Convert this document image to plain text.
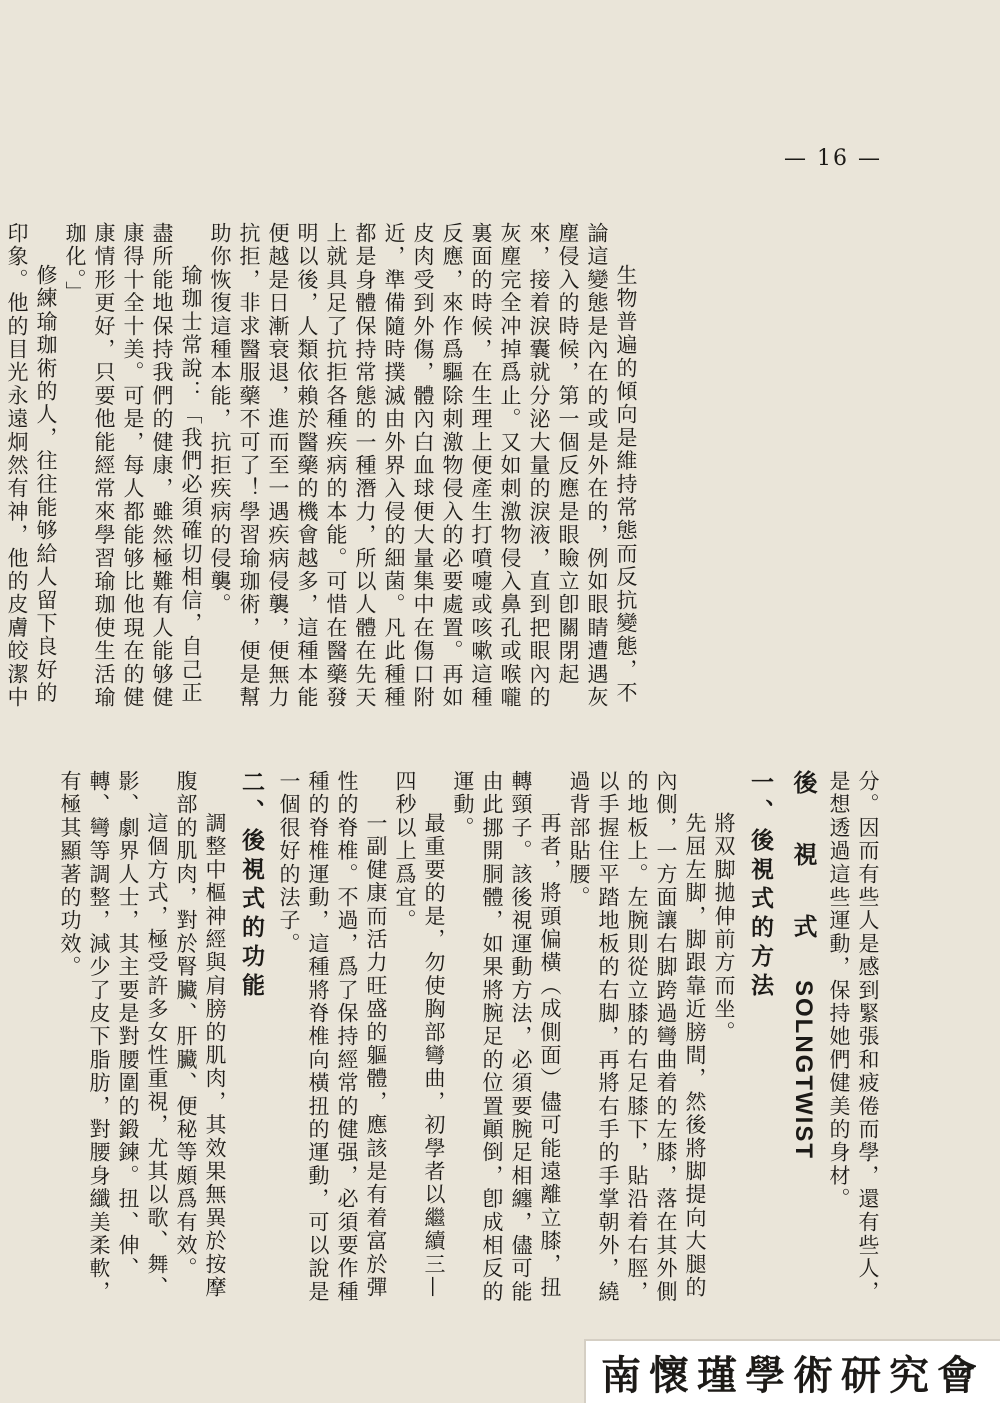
— 16 —

生物普遍的傾向是維持常態而反抗變態，不論這變態是內在的或是外在的，例如眼睛遭遇灰塵侵入的時候，第一個反應是眼瞼立卽關閉起來，接着淚囊就分泌大量的淚液，直到把眼內的灰塵完全冲掉爲止。又如刺激物侵入鼻孔或喉嚨裏面的時候，在生理上便產生打噴嚏或咳嗽這種反應，來作爲驅除刺激物侵入的必要處置。再如皮肉受到外傷，體內白血球便大量集中在傷口附近，準備隨時撲滅由外界入侵的細菌。凡此種種都是身體保持常態的一種潛力，所以人體在先天上就具足了抗拒各種疾病的本能。可惜在醫藥發明以後，人類依賴於醫藥的機會越多，這種本能便越是日漸衰退，進而至一遇疾病侵襲，便無力抗拒，非求醫服藥不可了！學習瑜珈術，便是幫助你恢復這種本能，抗拒疾病的侵襲。

瑜珈士常說：「我們必須確切相信，自己正盡所能地保持我們的健康，雖然極難有人能够健康得十全十美。可是，每人都能够比他現在的健康情形更好，只要他能經常來學習瑜珈使生活瑜珈化。」

修練瑜珈術的人，往往能够給人留下良好的印象。他的目光永遠炯然有神，他的皮膚皎潔中

分。因而有些人是感到緊張和疲倦而學，還有些人，是想透過這些運動，保持她們健美的身材。

後　視　式 SOLNGTWIST
一、後視式的方法

將双脚拋伸前方而坐。

先屈左脚，脚跟靠近膀間，然後將脚提向大腿的內側，一方面讓右脚跨過彎曲着的左膝，落在其外側的地板上。左腕則從立膝的右足膝下，貼沿着右脛，以手握住平踏地板的右脚，再將右手的手掌朝外，繞過背部貼腰。

再者，將頭偏橫（成側面）儘可能遠離立膝，扭轉頸子。該後視運動方法，必須要腕足相纏，儘可能由此挪開胴體，如果將腕足的位置顚倒，卽成相反的運動。

最重要的是，勿使胸部彎曲，初學者以繼續三—四秒以上爲宜。

一副健康而活力旺盛的軀體，應該是有着富於彈性的脊椎。不過，爲了保持經常的健强，必須要作種種的脊椎運動，這種將脊椎向橫扭的運動，可以說是一個很好的法子。

二、後視式的功能

調整中樞神經與肩膀的肌肉，其效果無異於按摩腹部的肌肉，對於腎臟、肝臟、便秘等頗爲有效。

這個方式，極受許多女性重視，尤其以歌、舞、影、劇界人士，其主要是對腰圍的鍛鍊。扭、伸、轉、彎等調整，減少了皮下脂肪，對腰身纖美柔軟，有極其顯著的功效。

南懷瑾學術研究會
